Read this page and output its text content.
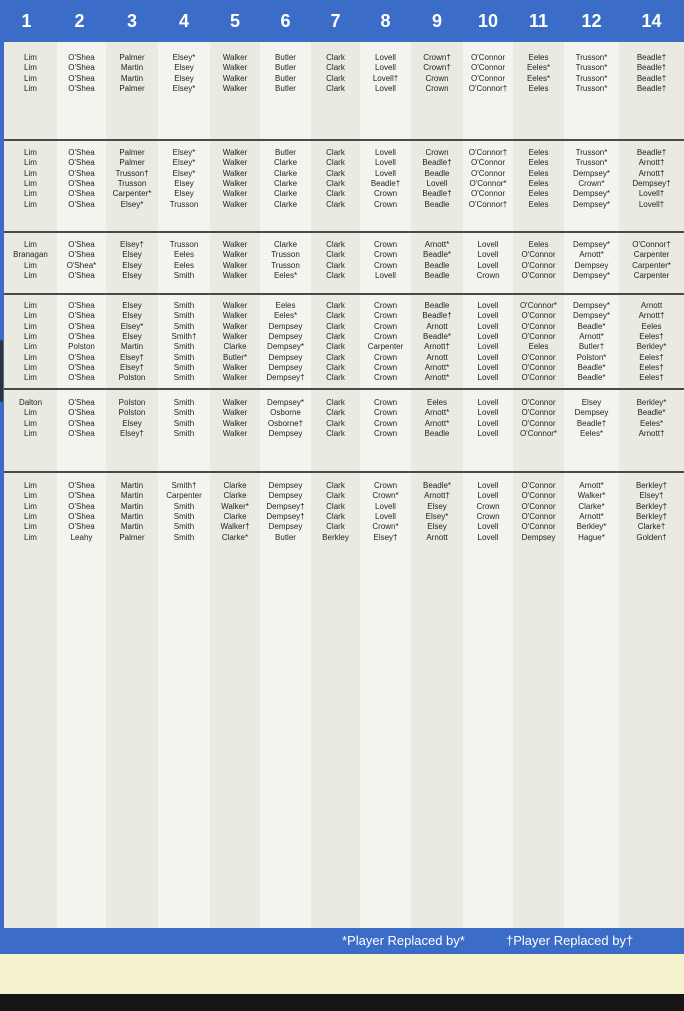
1	2	3	4	5	6	7	8	9	10	11	12	14
Lim	O'Shea	Palmer	Elsey*	Walker	Butler	Clark	Lovell	Crown†	O'Connor	Eeles	Trusson*	Beadle†
Lim	O'Shea	Martin	Elsey	Walker	Butler	Clark	Lovell	Crown†	O'Connor	Eeles*	Trusson*	Beadle†
Lim	O'Shea	Martin	Elsey	Walker	Butler	Clark	Lovell†	Crown	O'Connor	Eeles*	Trusson*	Beadle†
Lim	O'Shea	Palmer	Elsey*	Walker	Butler	Clark	Lovell	Crown	O'Connor†	Eeles	Trusson*	Beadle†
Lim	O'Shea	Palmer	Elsey*	Walker	Butler	Clark	Lovell	Crown	O'Connor†	Eeles	Trusson*	Beadle†
Lim	O'Shea	Palmer	Elsey*	Walker	Clarke	Clark	Lovell	Beadle†	O'Connor	Eeles	Trusson*	Arnott†
Lim	O'Shea	Trusson†	Elsey*	Walker	Clarke	Clark	Lovell	Beadle	O'Connor	Eeles	Dempsey*	Arnott†
Lim	O'Shea	Trusson	Elsey	Walker	Clarke	Clark	Beadle†	Lovell	O'Connor*	Eeles	Crown*	Dempsey†
Lim	O'Shea	Carpenter*	Elsey	Walker	Clarke	Clark	Crown	Beadle†	O'Connor	Eeles	Dempsey*	Lovell†
Lim	O'Shea	Elsey*	Trusson	Walker	Clarke	Clark	Crown	Beadle	O'Connor†	Eeles	Dempsey*	Lovell†
Lim	O'Shea	Elsey†	Trusson	Walker	Clarke	Clark	Crown	Arnott*	Lovell	Eeles	Dempsey*	O'Connor†
Branagan	O'Shea	Elsey	Eeles	Walker	Trusson	Clark	Crown	Beadle*	Lovell	O'Connor	Arnott*	Carpenter
Lim	O'Shea*	Elsey	Eeles	Walker	Trusson	Clark	Crown	Beadle	Lovell	O'Connor	Dempsey	Carpenter*
Lim	O'Shea	Elsey	Smith	Walker	Eeles*	Clark	Lovell	Beadle	Crown	O'Connor	Dempsey*	Carpenter
Lim	O'Shea	Elsey	Smith	Walker	Eeles	Clark	Crown	Beadle	Lovell	O'Connor*	Dempsey*	Arnott
Lim	O'Shea	Elsey	Smith	Walker	Eeles*	Clark	Crown	Beadle†	Lovell	O'Connor	Dempsey*	Arnott†
Lim	O'Shea	Elsey*	Smith	Walker	Dempsey	Clark	Crown	Arnott	Lovell	O'Connor	Beadle*	Eeles
Lim	O'Shea	Elsey	Smith†	Walker	Dempsey	Clark	Crown	Beadle*	Lovell	O'Connor	Arnott*	Eeles†
Lim	Polston	Martin	Smith	Clarke	Dempsey*	Clark	Carpenter	Arnott†	Lovell	Eeles	Butler†	Berkley*
Lim	O'Shea	Elsey†	Smith	Butler*	Dempsey	Clark	Crown	Arnott	Lovell	O'Connor	Polston*	Eeles†
Lim	O'Shea	Elsey†	Smith	Walker	Dempsey	Clark	Crown	Arnott*	Lovell	O'Connor	Beadle*	Eeles†
Lim	O'Shea	Polston	Smith	Walker	Dempsey†	Clark	Crown	Arnott*	Lovell	O'Connor	Beadle*	Eeles†
Dalton	O'Shea	Polston	Smith	Walker	Dempsey*	Clark	Crown	Eeles	Lovell	O'Connor	Elsey	Berkley*
Lim	O'Shea	Polston	Smith	Walker	Osborne	Clark	Crown	Arnott*	Lovell	O'Connor	Dempsey	Beadle*
Lim	O'Shea	Elsey	Smith	Walker	Osborne†	Clark	Crown	Arnott*	Lovell	O'Connor	Beadle†	Eeles*
Lim	O'Shea	Elsey†	Smith	Walker	Dempsey	Clark	Crown	Beadle	Lovell	O'Connor*	Eeles*	Arnott†
Lim	O'Shea	Martin	Smith†	Clarke	Dempsey	Clark	Crown	Beadle*	Lovell	O'Connor	Arnott*	Berkley†
Lim	O'Shea	Martin	Carpenter	Clarke	Dempsey	Clark	Crown*	Arnott†	Lovell	O'Connor	Walker*	Elsey†
Lim	O'Shea	Martin	Smith	Walker*	Dempsey†	Clark	Lovell	Elsey	Crown	O'Connor	Clarke*	Berkley†
Lim	O'Shea	Martin	Smith	Clarke	Dempsey†	Clark	Lovell	Elsey*	Crown	O'Connor	Arnott*	Berkley†
Lim	O'Shea	Martin	Smith	Walker†	Dempsey	Clark	Crown*	Elsey	Lovell	O'Connor	Berkley*	Clarke†
Lim	Leahy	Palmer	Smith	Clarke*	Butler	Berkley	Elsey†	Arnott	Lovell	Dempsey	Hague*	Golden†
*Player Replaced by*	†Player Replaced by†
